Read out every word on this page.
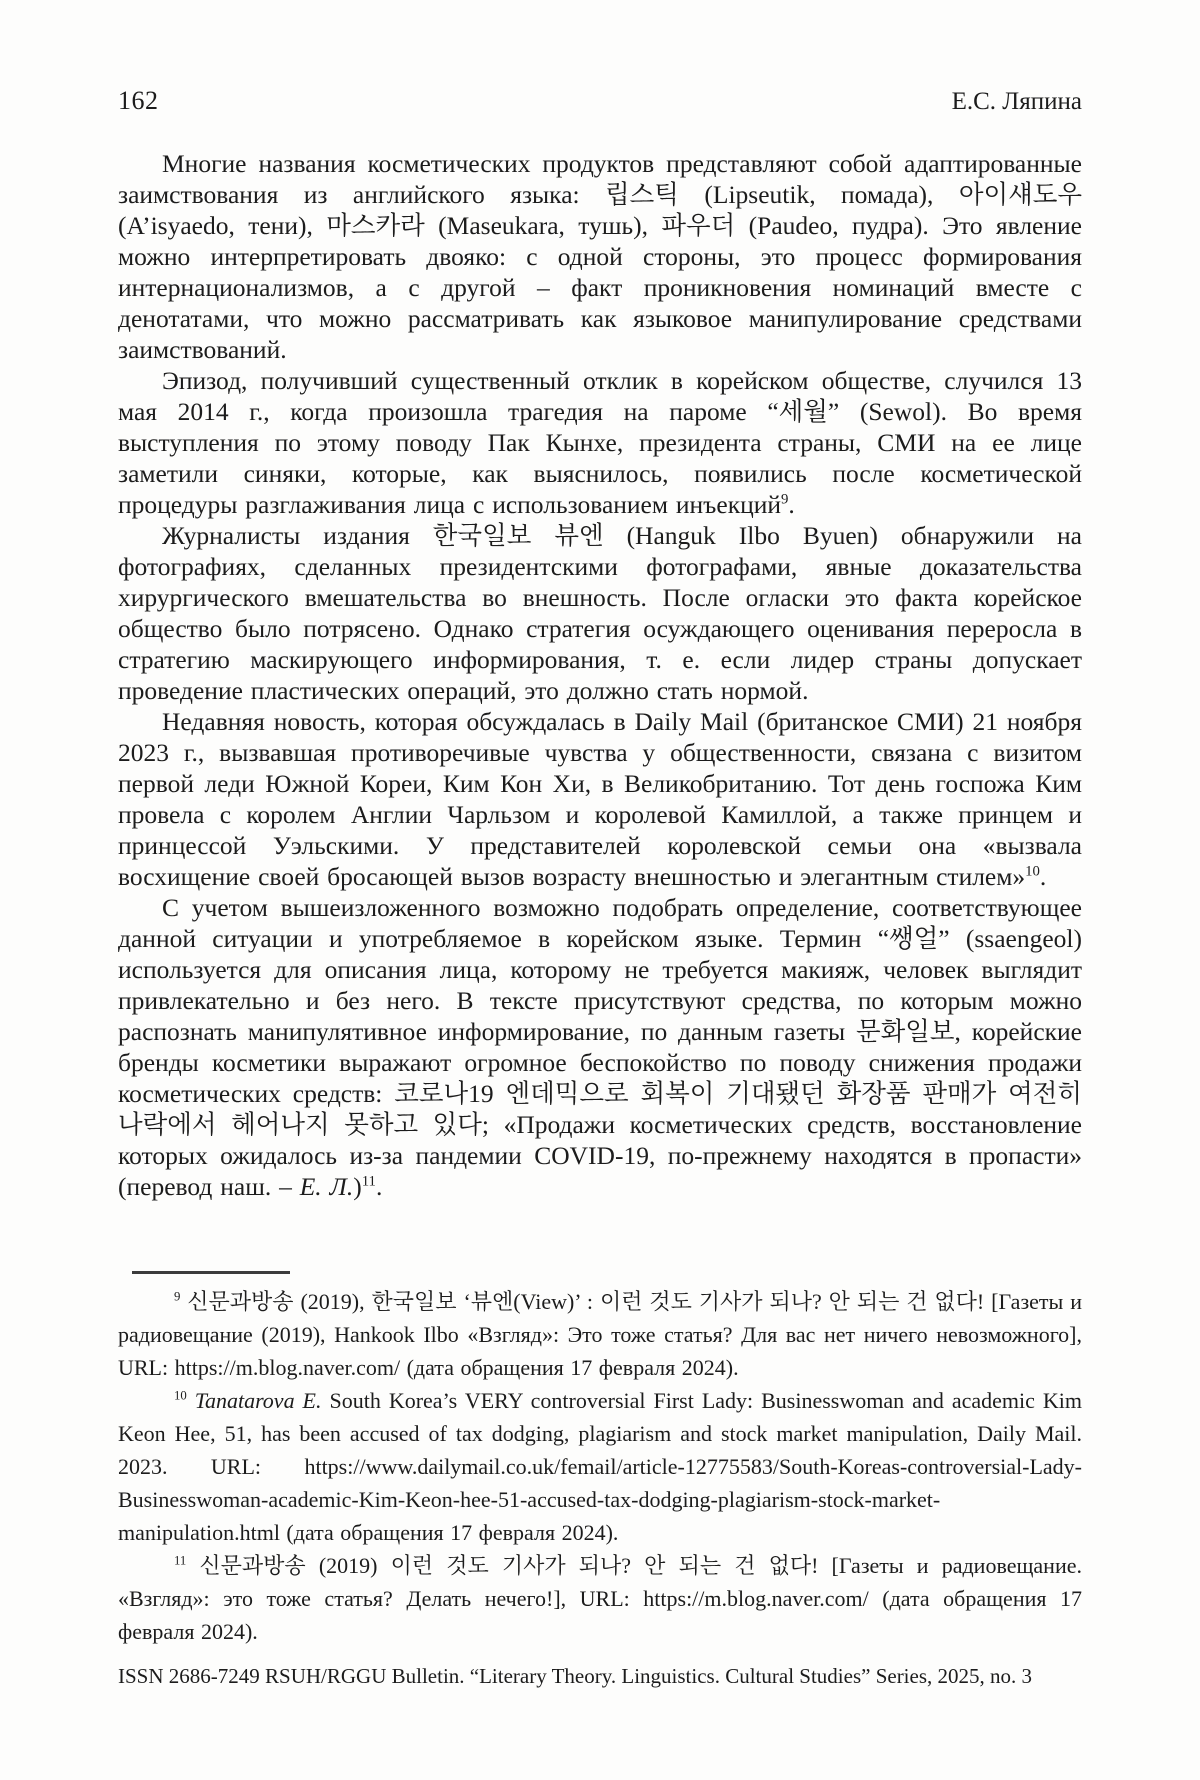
162	Е.С. Ляпина

Многие названия косметических продуктов представляют собой адаптированные заимствования из английского языка: 립스틱 (Lipseutik, помада), 아이섀도우 (A’isyaedo, тени), 마스카라 (Maseukara, тушь), 파우더 (Paudeo, пудра). Это явление можно интерпретировать двояко: с одной стороны, это процесс формирования интернационализмов, а с другой – факт проникновения номинаций вместе с денотатами, что можно рассматривать как языковое манипулирование средствами заимствований.

Эпизод, получивший существенный отклик в корейском обществе, случился 13 мая 2014 г., когда произошла трагедия на пароме “세월” (Sewol). Во время выступления по этому поводу Пак Кынхе, президента страны, СМИ на ее лице заметили синяки, которые, как выяснилось, появились после косметической процедуры разглаживания лица с использованием инъекций$^9$.

Журналисты издания 한국일보 뷰엔 (Hanguk Ilbo Byuen) обнаружили на фотографиях, сделанных президентскими фотографами, явные доказательства хирургического вмешательства во внешность. После огласки это факта корейское общество было потрясено. Однако стратегия осуждающего оценивания переросла в стратегию маскирующего информирования, т. е. если лидер страны допускает проведение пластических операций, это должно стать нормой.

Недавняя новость, которая обсуждалась в Daily Mail (британское СМИ) 21 ноября 2023 г., вызвавшая противоречивые чувства у общественности, связана с визитом первой леди Южной Кореи, Ким Кон Хи, в Великобританию. Тот день госпожа Ким провела с королем Англии Чарльзом и королевой Камиллой, а также принцем и принцессой Уэльскими. У представителей королевской семьи она «вызвала восхищение своей бросающей вызов возрасту внешностью и элегантным стилем»$^{10}$.

С учетом вышеизложенного возможно подобрать определение, соответствующее данной ситуации и употребляемое в корейском языке. Термин “쌩얼” (ssaengeol) используется для описания лица, которому не требуется макияж, человек выглядит привлекательно и без него. В тексте присутствуют средства, по которым можно распознать манипулятивное информирование, по данным газеты 문화일보, корейские бренды косметики выражают огромное беспокойство по поводу снижения продажи косметических средств: 코로나19 엔데믹으로 회복이 기대됐던 화장품 판매가 여전히 나락에서 헤어나지 못하고 있다; «Продажи косметических средств, восстановление которых ожидалось из-за пандемии COVID-19, по-прежнему находятся в пропасти» (перевод наш. – Е. Л.)$^{11}$.

$^9$ 신문과방송 (2019), 한국일보 ‘뷰엔(View)’ : 이런 것도 기사가 되나? 안 되는 건 없다! [Газеты и радиовещание (2019), Hankook Ilbo «Взгляд»: Это тоже статья? Для вас нет ничего невозможного], URL: https://m.blog.naver.com/ (дата обращения 17 февраля 2024).

$^{10}$ Tanatarova E. South Korea’s VERY controversial First Lady: Businesswoman and academic Kim Keon Hee, 51, has been accused of tax dodging, plagiarism and stock market manipulation, Daily Mail. 2023. URL: https://www.dailymail.co.uk/femail/article-12775583/South-Koreas-controversial-Lady-Businesswoman-academic-Kim-Keon-hee-51-accused-tax-dodging-plagiarism-stock-market-manipulation.html (дата обращения 17 февраля 2024).

$^{11}$ 신문과방송 (2019) 이런 것도 기사가 되나? 안 되는 건 없다! [Газеты и радиовещание. «Взгляд»: это тоже статья? Делать нечего!], URL: https://m.blog.naver.com/ (дата обращения 17 февраля 2024).

ISSN 2686-7249 RSUH/RGGU Bulletin. “Literary Theory. Linguistics. Cultural Studies” Series, 2025, no. 3
